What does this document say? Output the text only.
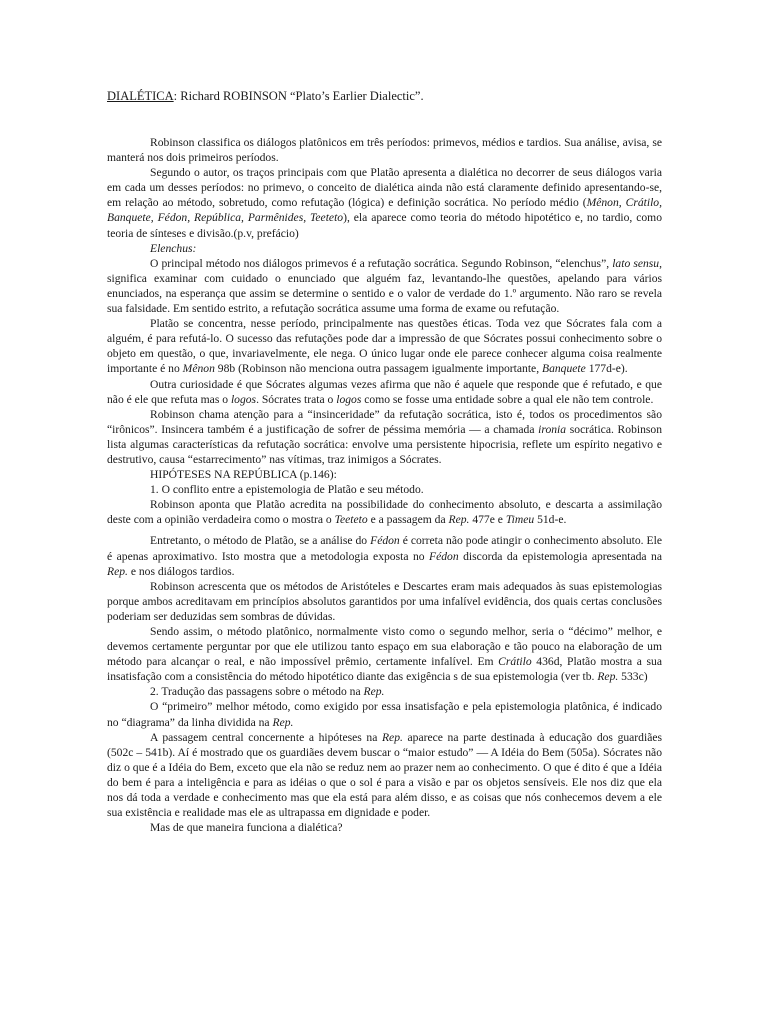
DIALÉTICA: Richard ROBINSON “Plato’s Earlier Dialectic”.

Robinson classifica os diálogos platônicos em três períodos: primevos, médios e tardios. Sua análise, avisa, se manterá nos dois primeiros períodos.

Segundo o autor, os traços principais com que Platão apresenta a dialética no decorrer de seus diálogos varia em cada um desses períodos: no primevo, o conceito de dialética ainda não está claramente definido apresentando-se, em relação ao método, sobretudo, como refutação (lógica) e definição socrática. No período médio (Mênon, Crátilo, Banquete, Fédon, República, Parmênides, Teeteto), ela aparece como teoria do método hipotético e, no tardio, como teoria de sínteses e divisão.(p.v, prefácio)

Elenchus:

O principal método nos diálogos primevos é a refutação socrática. Segundo Robinson, “elenchus”, lato sensu, significa examinar com cuidado o enunciado que alguém faz, levantando-lhe questões, apelando para vários enunciados, na esperança que assim se determine o sentido e o valor de verdade do 1.º argumento. Não raro se revela sua falsidade. Em sentido estrito, a refutação socrática assume uma forma de exame ou refutação.

Platão se concentra, nesse período, principalmente nas questões éticas. Toda vez que Sócrates fala com a alguém, é para refutá-lo. O sucesso das refutações pode dar a impressão de que Sócrates possui conhecimento sobre o objeto em questão, o que, invariavelmente, ele nega. O único lugar onde ele parece conhecer alguma coisa realmente importante é no Mênon 98b (Robinson não menciona outra passagem igualmente importante, Banquete 177d-e).

Outra curiosidade é que Sócrates algumas vezes afirma que não é aquele que responde que é refutado, e que não é ele que refuta mas o logos. Sócrates trata o logos como se fosse uma entidade sobre a qual ele não tem controle.

Robinson chama atenção para a “insinceridade” da refutação socrática, isto é, todos os procedimentos são “irônicos”. Insincera também é a justificação de sofrer de péssima memória — a chamada ironia socrática. Robinson lista algumas características da refutação socrática: envolve uma persistente hipocrisia, reflete um espírito negativo e destrutivo, causa “estarrecimento” nas vítimas, traz inimigos a Sócrates.

HIPÓTESES NA REPÚBLICA (p.146):

1. O conflito entre a epistemologia de Platão e seu método.

Robinson aponta que Platão acredita na possibilidade do conhecimento absoluto, e descarta a assimilação deste com a opinião verdadeira como o mostra o Teeteto e a passagem da Rep. 477e e Timeu 51d-e.

Entretanto, o método de Platão, se a análise do Fédon é correta não pode atingir o conhecimento absoluto. Ele é apenas aproximativo. Isto mostra que a metodologia exposta no Fédon discorda da epistemologia apresentada na Rep. e nos diálogos tardios.

Robinson acrescenta que os métodos de Aristóteles e Descartes eram mais adequados às suas epistemologias porque ambos acreditavam em princípios absolutos garantidos por uma infalível evidência, dos quais certas conclusões poderiam ser deduzidas sem sombras de dúvidas.

Sendo assim, o método platônico, normalmente visto como o segundo melhor, seria o “décimo” melhor, e devemos certamente perguntar por que ele utilizou tanto espaço em sua elaboração e tão pouco na elaboração de um método para alcançar o real, e não impossível prêmio, certamente infalível. Em Crátilo 436d, Platão mostra a sua insatisfação com a consistência do método hipotético diante das exigência s de sua epistemologia (ver tb. Rep. 533c)

2. Tradução das passagens sobre o método na Rep.

O “primeiro” melhor método, como exigido por essa insatisfação e pela epistemologia platônica, é indicado no “diagrama” da linha dividida na Rep.

A passagem central concernente a hipóteses na Rep. aparece na parte destinada à educação dos guardiães (502c – 541b). Aí é mostrado que os guardiães devem buscar o “maior estudo” — A Idéia do Bem (505a). Sócrates não diz o que é a Idéia do Bem, exceto que ela não se reduz nem ao prazer nem ao conhecimento. O que é dito é que a Idéia do bem é para a inteligência e para as idéias o que o sol é para a visão e par os objetos sensíveis. Ele nos diz que ela nos dá toda a verdade e conhecimento mas que ela está para além disso, e as coisas que nós conhecemos devem a ele sua existência e realidade mas ele as ultrapassa em dignidade e poder.

Mas de que maneira funciona a dialética?
